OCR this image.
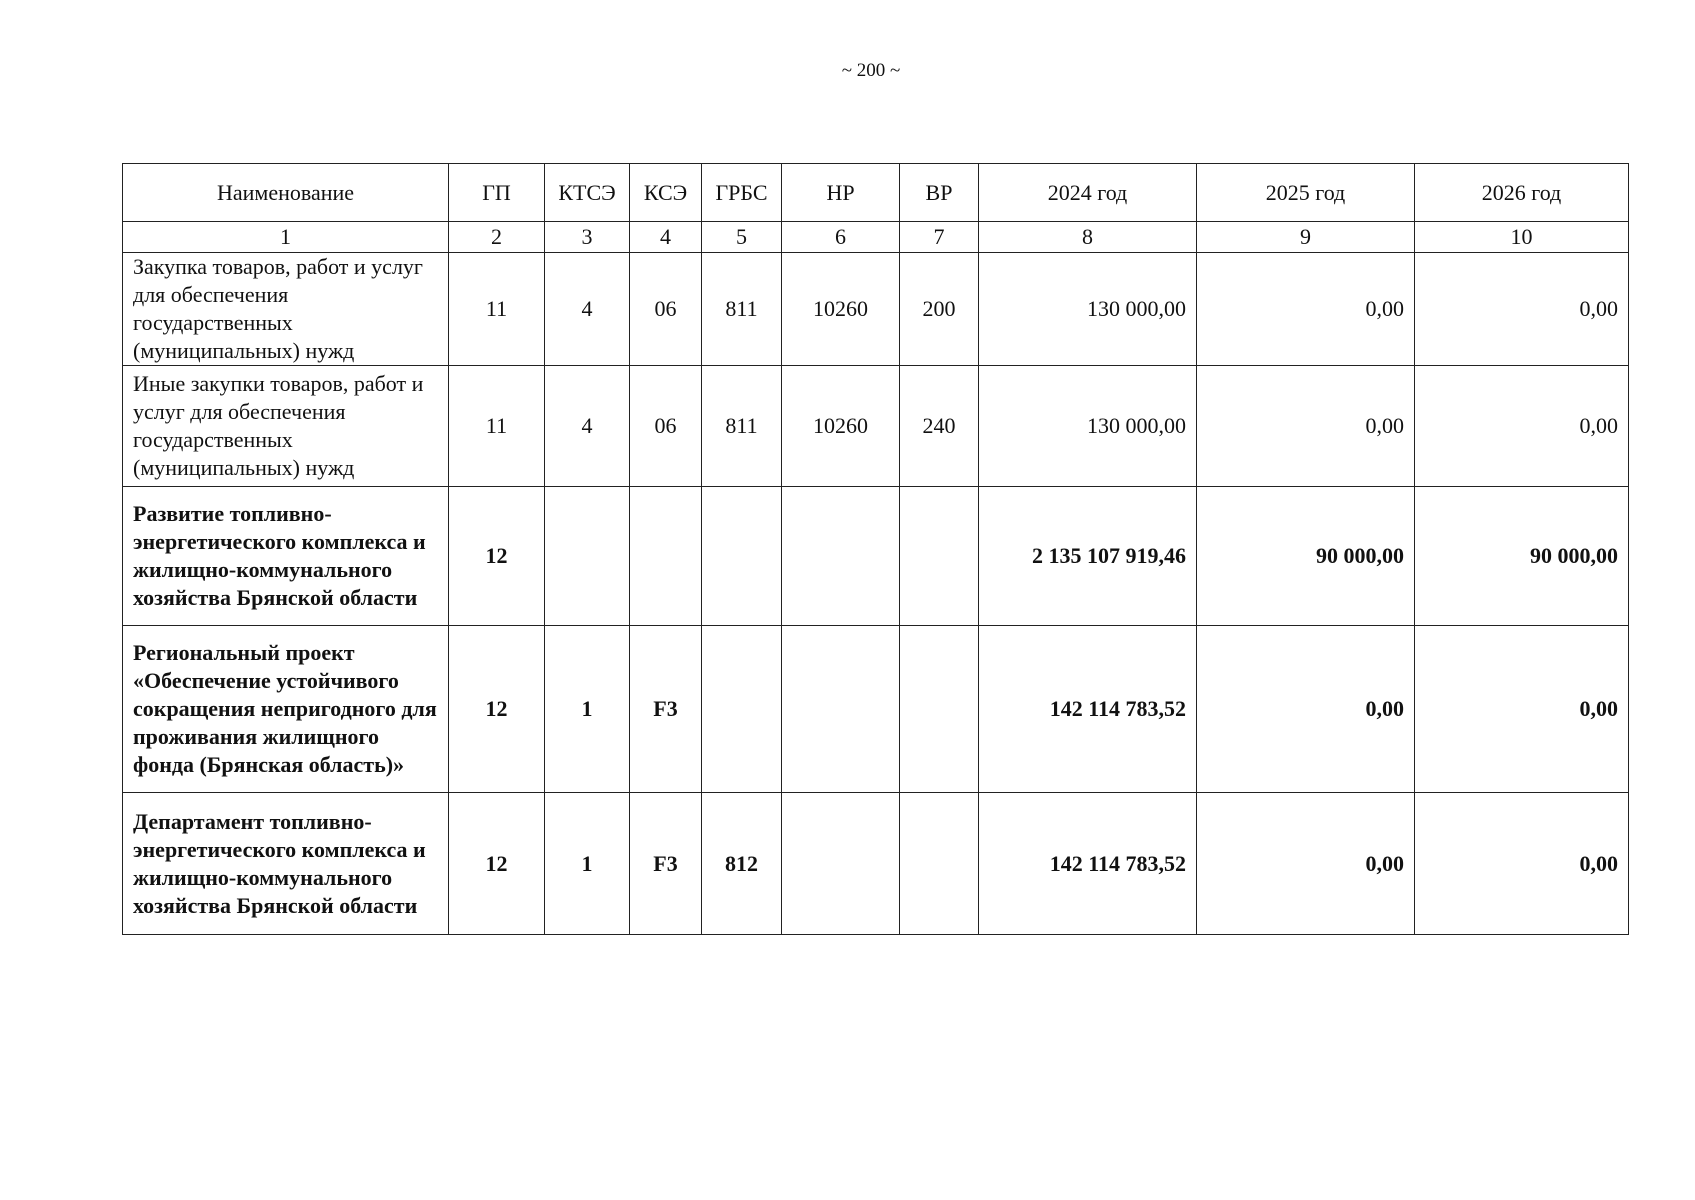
~ 200 ~
Наименование	ГП	КТСЭ	КСЭ	ГРБС	НР	ВР	2024 год	2025 год	2026 год
1	2	3	4	5	6	7	8	9	10
Закупка товаров, работ и услуг для обеспечения государственных (муниципальных) нужд	11	4	06	811	10260	200	130 000,00	0,00	0,00
Иные закупки товаров, работ и услуг для обеспечения государственных (муниципальных) нужд	11	4	06	811	10260	240	130 000,00	0,00	0,00
Развитие топливно-энергетического комплекса и жилищно-коммунального хозяйства Брянской области	12						2 135 107 919,46	90 000,00	90 000,00
Региональный проект «Обеспечение устойчивого сокращения непригодного для проживания жилищного фонда (Брянская область)»	12	1	F3				142 114 783,52	0,00	0,00
Департамент топливно-энергетического комплекса и жилищно-коммунального хозяйства Брянской области	12	1	F3	812			142 114 783,52	0,00	0,00
